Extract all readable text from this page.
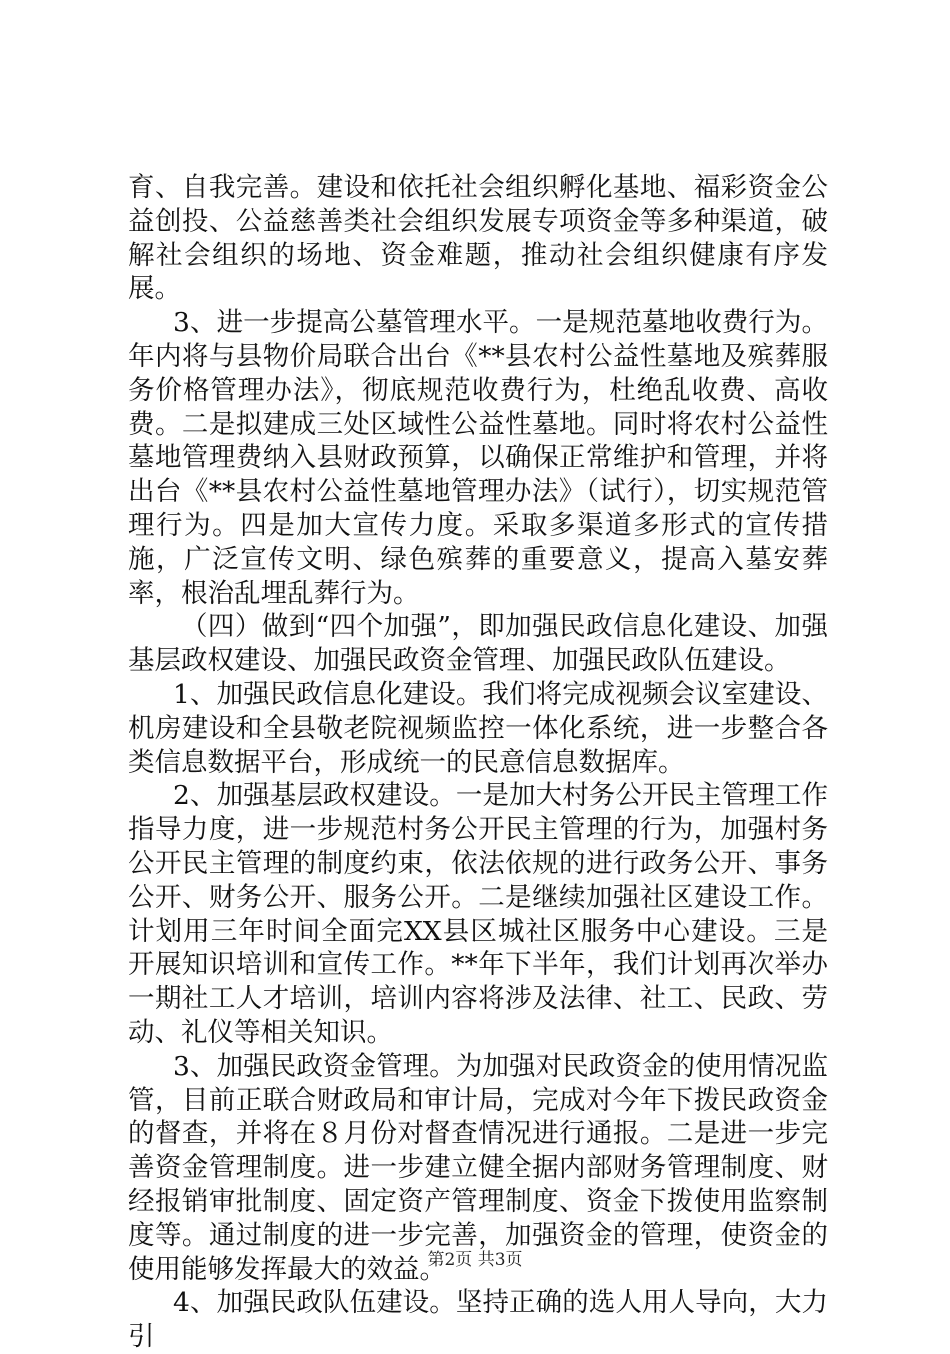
育、自我完善。建设和依托社会组织孵化基地、福彩资金公益创投、公益慈善类社会组织发展专项资金等多种渠道，破解社会组织的场地、资金难题，推动社会组织健康有序发展。

3、进一步提高公墓管理水平。一是规范墓地收费行为。年内将与县物价局联合出台《**县农村公益性墓地及殡葬服务价格管理办法》，彻底规范收费行为，杜绝乱收费、高收费。二是拟建成三处区域性公益性墓地。同时将农村公益性墓地管理费纳入县财政预算，以确保正常维护和管理，并将出台《**县农村公益性墓地管理办法》（试行），切实规范管理行为。四是加大宣传力度。采取多渠道多形式的宣传措施，广泛宣传文明、绿色殡葬的重要意义，提高入墓安葬率，根治乱埋乱葬行为。

（四）做到“四个加强”，即加强民政信息化建设、加强基层政权建设、加强民政资金管理、加强民政队伍建设。

1、加强民政信息化建设。我们将完成视频会议室建设、机房建设和全县敬老院视频监控一体化系统，进一步整合各类信息数据平台，形成统一的民意信息数据库。

2、加强基层政权建设。一是加大村务公开民主管理工作指导力度，进一步规范村务公开民主管理的行为，加强村务公开民主管理的制度约束，依法依规的进行政务公开、事务公开、财务公开、服务公开。二是继续加强社区建设工作。计划用三年时间全面完XX县区城社区服务中心建设。三是开展知识培训和宣传工作。**年下半年，我们计划再次举办一期社工人才培训，培训内容将涉及法律、社工、民政、劳动、礼仪等相关知识。

3、加强民政资金管理。为加强对民政资金的使用情况监管，目前正联合财政局和审计局，完成对今年下拨民政资金的督查，并将在８月份对督查情况进行通报。二是进一步完善资金管理制度。进一步建立健全据内部财务管理制度、财经报销审批制度、固定资产管理制度、资金下拨使用监察制度等。通过制度的进一步完善，加强资金的管理，使资金的使用能够发挥最大的效益。

4、加强民政队伍建设。坚持正确的选人用人导向，大力引

第2页 共3页
